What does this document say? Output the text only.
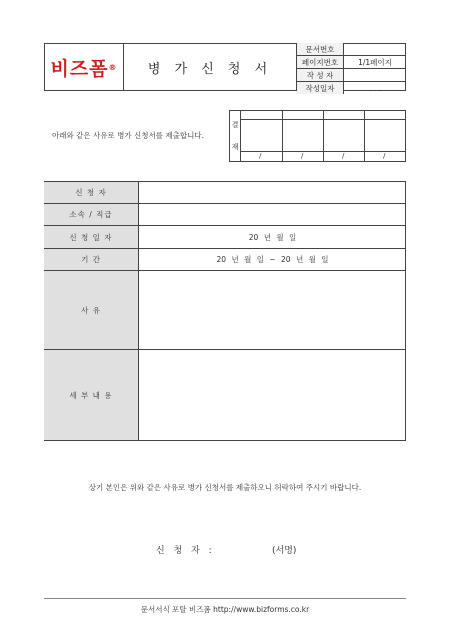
비즈폼 ®	병 가 신 청 서
문서번호	
페이지번호	1/1페이지
작 성 자	
작성일자	. . .
아래와 같은 사유로 병가 신청서를 제출합니다.
결
재
/	/	/	/
신 청 자
소속 / 직급
신 청 일 자	20 년 월 일
기 간	20 년 월 일 ~ 20 년 월 일
사 유
세 부 내 용
상기 본인은 위와 같은 사유로 병가 신청서를 제출하오니 허락하여 주시기 바랍니다.
신 청 자 :	(서명)
문서서식 포탈 비즈폼 http://www.bizforms.co.kr
